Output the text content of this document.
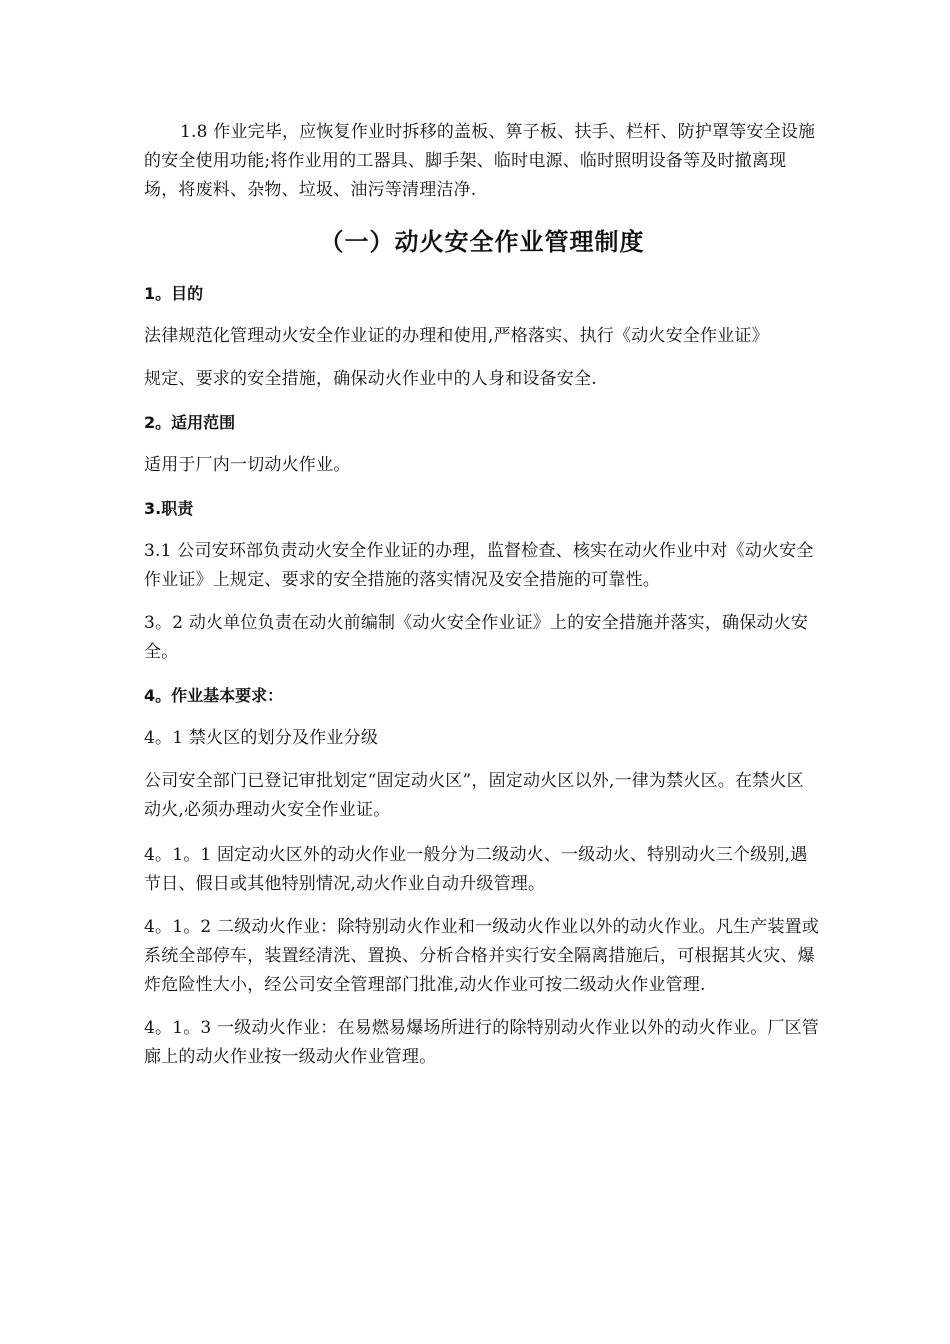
1.8 作业完毕，应恢复作业时拆移的盖板、箅子板、扶手、栏杆、防护罩等安全设施的安全使用功能;将作业用的工器具、脚手架、临时电源、临时照明设备等及时撤离现场，将废料、杂物、垃圾、油污等清理洁净.

（一）动火安全作业管理制度

1。目的

法律规范化管理动火安全作业证的办理和使用,严格落实、执行《动火安全作业证》

规定、要求的安全措施，确保动火作业中的人身和设备安全.

2。适用范围

适用于厂内一切动火作业。

3.职责

3.1 公司安环部负责动火安全作业证的办理，监督检查、核实在动火作业中对《动火安全作业证》上规定、要求的安全措施的落实情况及安全措施的可靠性。

3。2 动火单位负责在动火前编制《动火安全作业证》上的安全措施并落实，确保动火安全。

4。作业基本要求：

4。1 禁火区的划分及作业分级

公司安全部门已登记审批划定“固定动火区”，固定动火区以外,一律为禁火区。在禁火区动火,必须办理动火安全作业证。

4。1。1 固定动火区外的动火作业一般分为二级动火、一级动火、特别动火三个级别,遇节日、假日或其他特别情况,动火作业自动升级管理。

4。1。2 二级动火作业：除特别动火作业和一级动火作业以外的动火作业。凡生产装置或系统全部停车，装置经清洗、置换、分析合格并实行安全隔离措施后，可根据其火灾、爆炸危险性大小，经公司安全管理部门批准,动火作业可按二级动火作业管理.

4。1。3 一级动火作业：在易燃易爆场所进行的除特别动火作业以外的动火作业。厂区管廊上的动火作业按一级动火作业管理。
